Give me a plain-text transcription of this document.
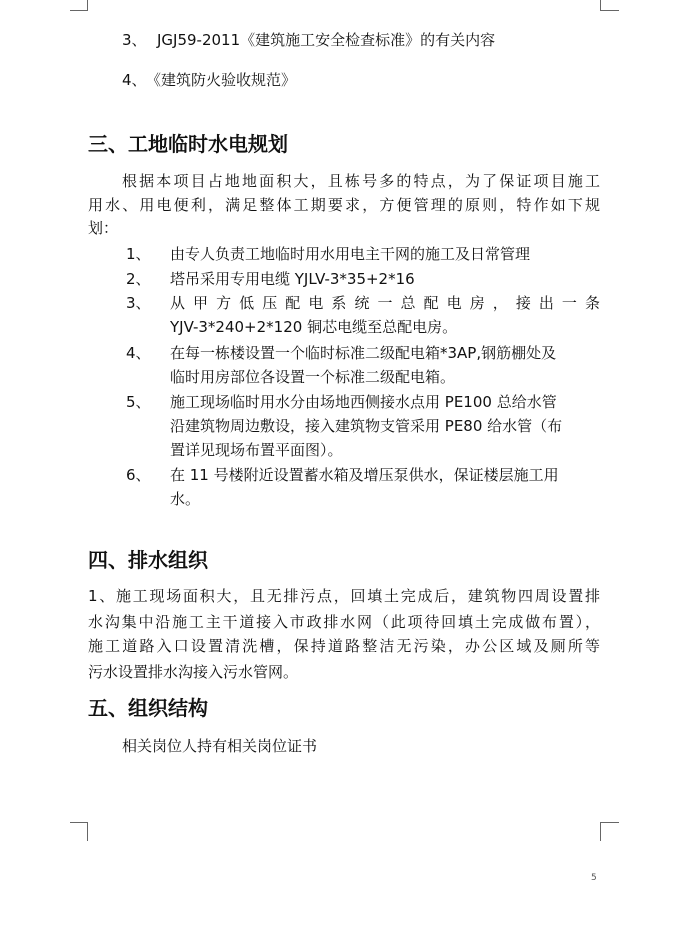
3、 JGJ59-2011《建筑施工安全检查标准》的有关内容
4、 《建筑防火验收规范》
三、工地临时水电规划
根据本项目占地地面积大，且栋号多的特点，为了保证项目施工
用水、用电便利，满足整体工期要求，方便管理的原则，特作如下规
划：
1、 由专人负责工地临时用水用电主干网的施工及日常管理
2、 塔吊采用专用电缆 YJLV-3*35+2*16
3、 从甲方低压配电系统一总配电房，接出一条
YJV-3*240+2*120 铜芯电缆至总配电房。
4、 在每一栋楼设置一个临时标准二级配电箱*3AP,钢筋棚处及
临时用房部位各设置一个标准二级配电箱。
5、 施工现场临时用水分由场地西侧接水点用 PE100 总给水管
沿建筑物周边敷设，接入建筑物支管采用 PE80 给水管（布
置详见现场布置平面图）。
6、 在 11 号楼附近设置蓄水箱及增压泵供水，保证楼层施工用
水。
四、排水组织
1、施工现场面积大，且无排污点，回填土完成后，建筑物四周设置排
水沟集中沿施工主干道接入市政排水网（此项待回填土完成做布置），
施工道路入口设置清洗槽，保持道路整洁无污染，办公区域及厕所等
污水设置排水沟接入污水管网。
五、组织结构
相关岗位人持有相关岗位证书
5
